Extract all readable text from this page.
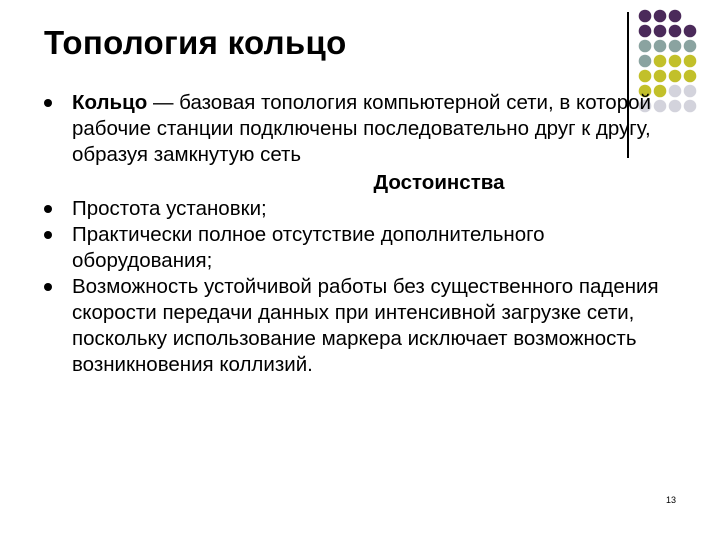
Топология кольцо
Кольцо — базовая топология компьютерной сети, в которой рабочие станции подключены последовательно друг к другу, образуя замкнутую сеть
Достоинства
Простота установки;
Практически полное отсутствие дополнительного оборудования;
Возможность устойчивой работы без существенного падения скорости передачи данных при интенсивной загрузке сети, поскольку использование маркера исключает возможность возникновения коллизий.
13
